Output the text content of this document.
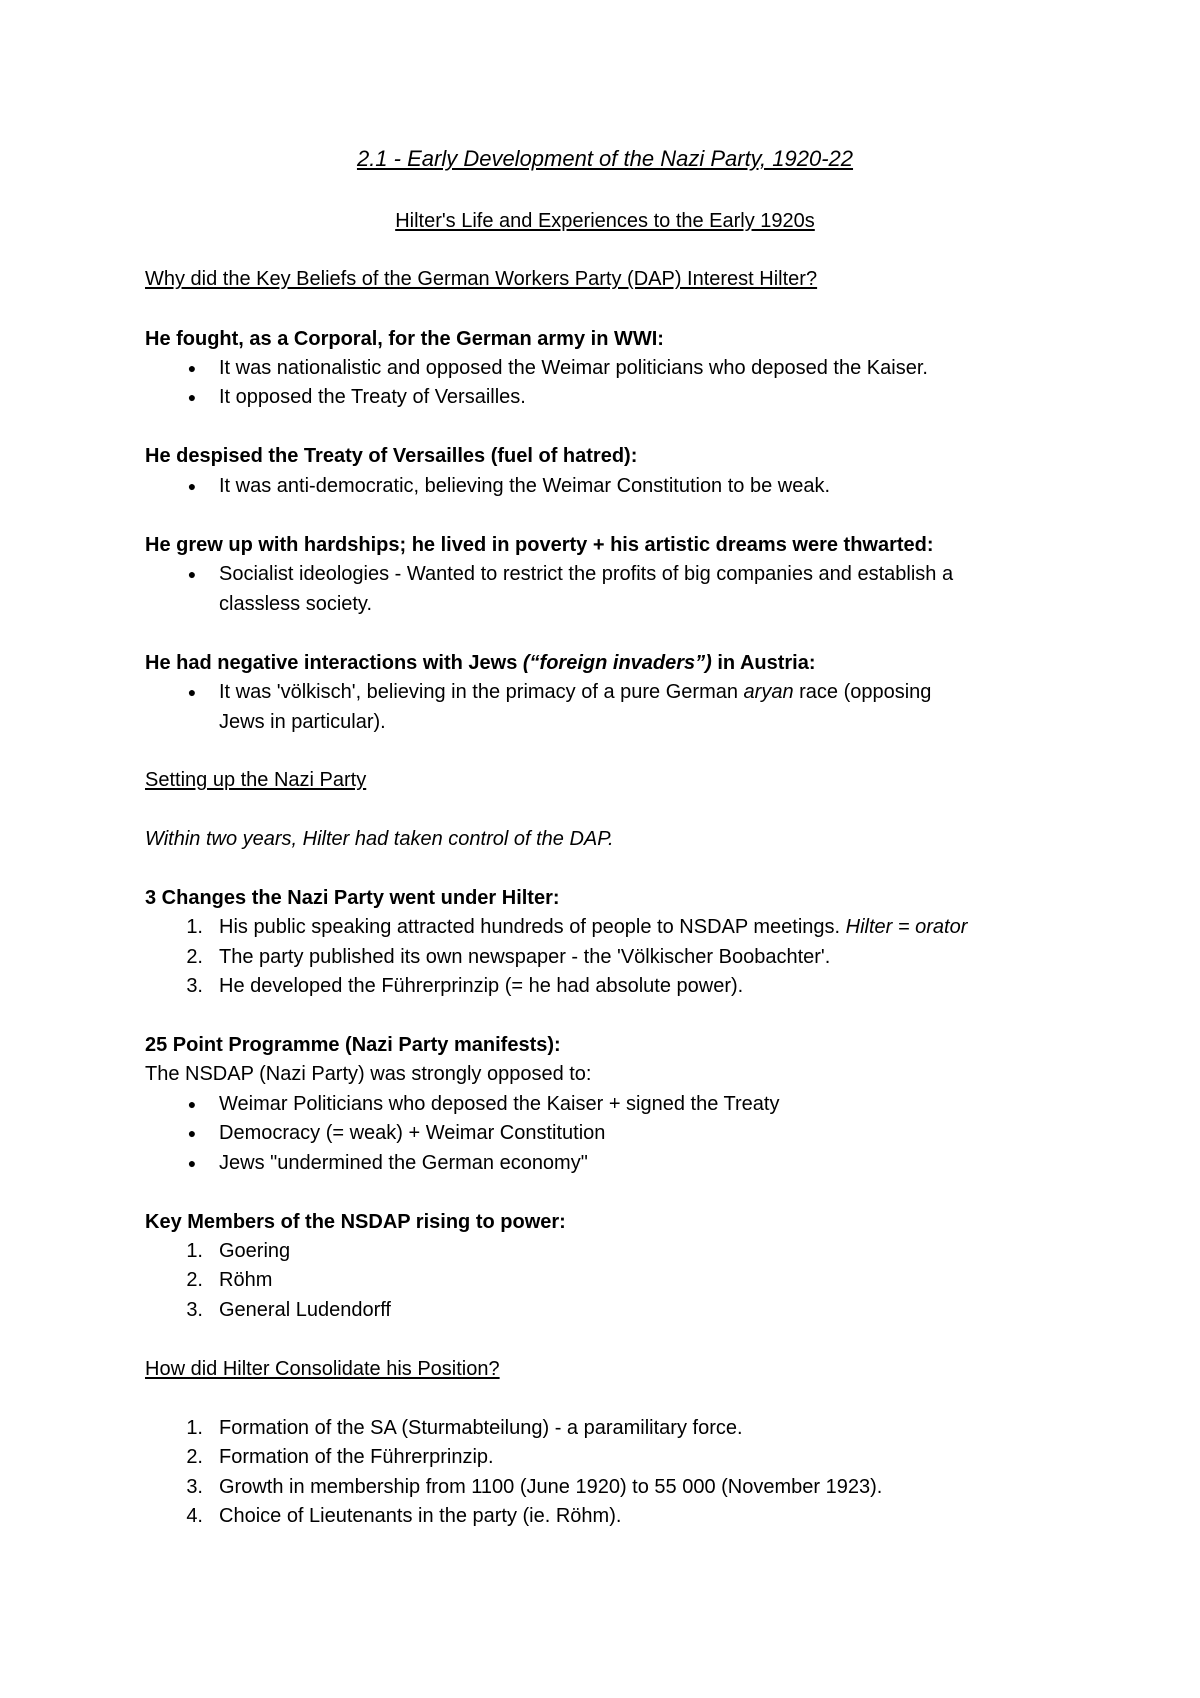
2.1 - Early Development of the Nazi Party, 1920-22
Hilter's Life and Experiences to the Early 1920s
Why did the Key Beliefs of the German Workers Party (DAP) Interest Hilter?
He fought, as a Corporal, for the German army in WWI:
● It was nationalistic and opposed the Weimar politicians who deposed the Kaiser.
● It opposed the Treaty of Versailles.
He despised the Treaty of Versailles (fuel of hatred):
● It was anti-democratic, believing the Weimar Constitution to be weak.
He grew up with hardships; he lived in poverty + his artistic dreams were thwarted:
● Socialist ideologies - Wanted to restrict the profits of big companies and establish a
classless society.
He had negative interactions with Jews (“foreign invaders”) in Austria:
● It was 'völkisch', believing in the primacy of a pure German aryan race (opposing
Jews in particular).
Setting up the Nazi Party
Within two years, Hilter had taken control of the DAP.
3 Changes the Nazi Party went under Hilter:
1. His public speaking attracted hundreds of people to NSDAP meetings. Hilter = orator
2. The party published its own newspaper - the 'Völkischer Boobachter'.
3. He developed the Führerprinzip (= he had absolute power).
25 Point Programme (Nazi Party manifests):
The NSDAP (Nazi Party) was strongly opposed to:
● Weimar Politicians who deposed the Kaiser + signed the Treaty
● Democracy (= weak) + Weimar Constitution
● Jews "undermined the German economy"
Key Members of the NSDAP rising to power:
1. Goering
2. Röhm
3. General Ludendorff
How did Hilter Consolidate his Position?
1. Formation of the SA (Sturmabteilung) - a paramilitary force.
2. Formation of the Führerprinzip.
3. Growth in membership from 1100 (June 1920) to 55 000 (November 1923).
4. Choice of Lieutenants in the party (ie. Röhm).
